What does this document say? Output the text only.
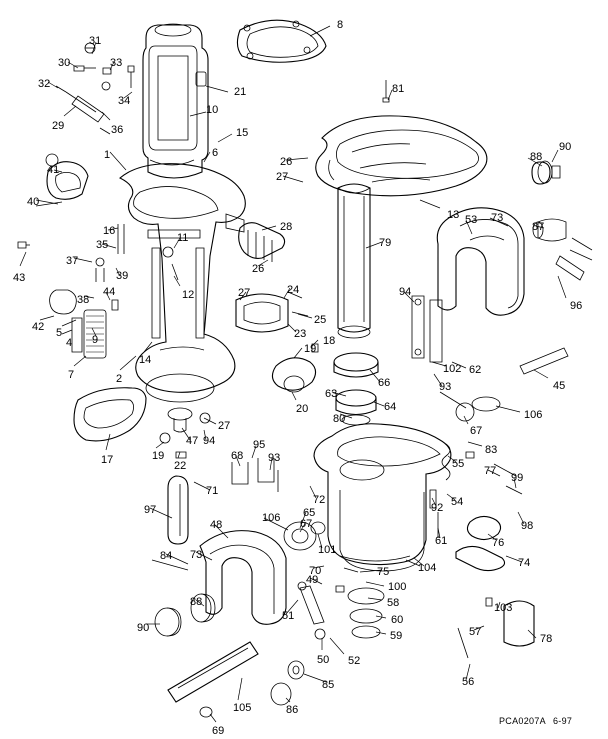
1
2
4
5
6
7
8
9
10
11
12
13
14
15
16
17
18
19
19
20
21
22
23
24
25
26
26
27
27
27
28
29
30
31
32
33
34
35
36
37
38
39
40
41
42
43
44
45
47
48
49
50
51
52
53
54
55
56
57
58
59
60
61
62
63
64
65
66
67
67
68
69
70
71
72
73
73
74
75
76
77
78
79
80
81
83
84
85
86
87
88
88
90
90
92
93
93
94
94	95
96
97
98
99
100
101
102
103
104
105
106
106
PCA0207A 6-97
